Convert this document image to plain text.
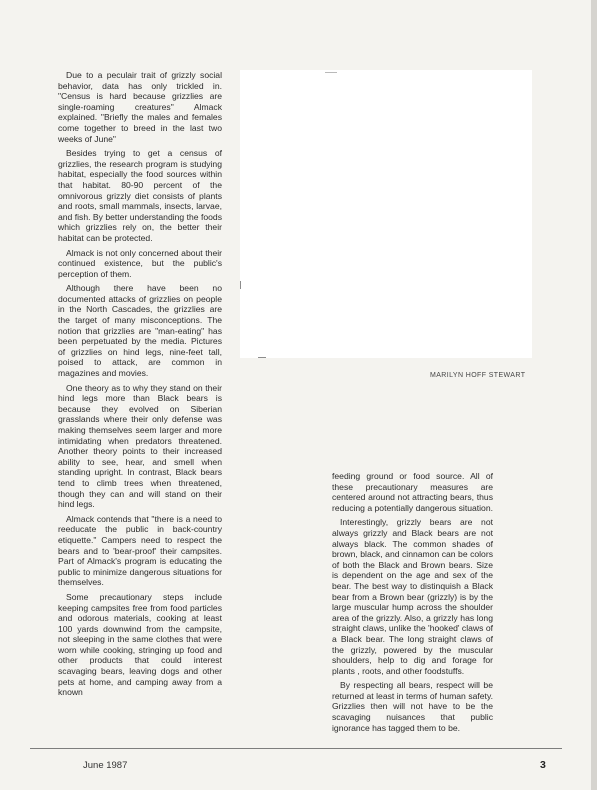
Due to a peculair trait of grizzly social behavior, data has only trickled in. "Census is hard because grizzlies are single-roaming creatures" Almack explained. "Briefly the males and females come together to breed in the last two weeks of June"

Besides trying to get a census of grizzlies, the research program is studying habitat, especially the food sources within that habitat. 80-90 percent of the omnivorous grizzly diet consists of plants and roots, small mammals, insects, larvae, and fish. By better understanding the foods which grizzlies rely on, the better their habitat can be protected.

Almack is not only concerned about their continued existence, but the public's perception of them.

Although there have been no documented attacks of grizzlies on people in the North Cascades, the grizzlies are the target of many misconceptions. The notion that grizzlies are "man-eating" has been perpetuated by the media. Pictures of grizzlies on hind legs, nine-feet tall, poised to attack, are common in magazines and movies.

One theory as to why they stand on their hind legs more than Black bears is because they evolved on Siberian grasslands where their only defense was making themselves seem larger and more intimidating when predators threatened. Another theory points to their increased ability to see, hear, and smell when standing upright. In contrast, Black bears tend to climb trees when threatened, though they can and will stand on their hind legs.

Almack contends that "there is a need to reeducate the public in back-country etiquette." Campers need to respect the bears and to 'bear-proof' their campsites. Part of Almack's program is educating the public to minimize dangerous situations for themselves.

Some precautionary steps include keeping campsites free from food particles and odorous materials, cooking at least 100 yards downwind from the campsite, not sleeping in the same clothes that were worn while cooking, stringing up food and other products that could interest scavaging bears, leaving dogs and other pets at home, and camping away from a known

MARILYN HOFF STEWART

feeding ground or food source. All of these precautionary measures are centered around not attracting bears, thus reducing a potentially dangerous situation.

Interestingly, grizzly bears are not always grizzly and Black bears are not always black. The common shades of brown, black, and cinnamon can be colors of both the Black and Brown bears. Size is dependent on the age and sex of the bear. The best way to distinquish a Black bear from a Brown bear (grizzly) is by the large muscular hump across the shoulder area of the grizzly. Also, a grizzly has long straight claws, unlike the 'hooked' claws of a Black bear. The long straight claws of the grizzly, powered by the muscular shoulders, help to dig and forage for plants , roots, and other foodstuffs.

By respecting all bears, respect will be returned at least in terms of human safety. Grizzlies then will not have to be the scavaging nuisances that public ignorance has tagged them to be.

June 1987	3
